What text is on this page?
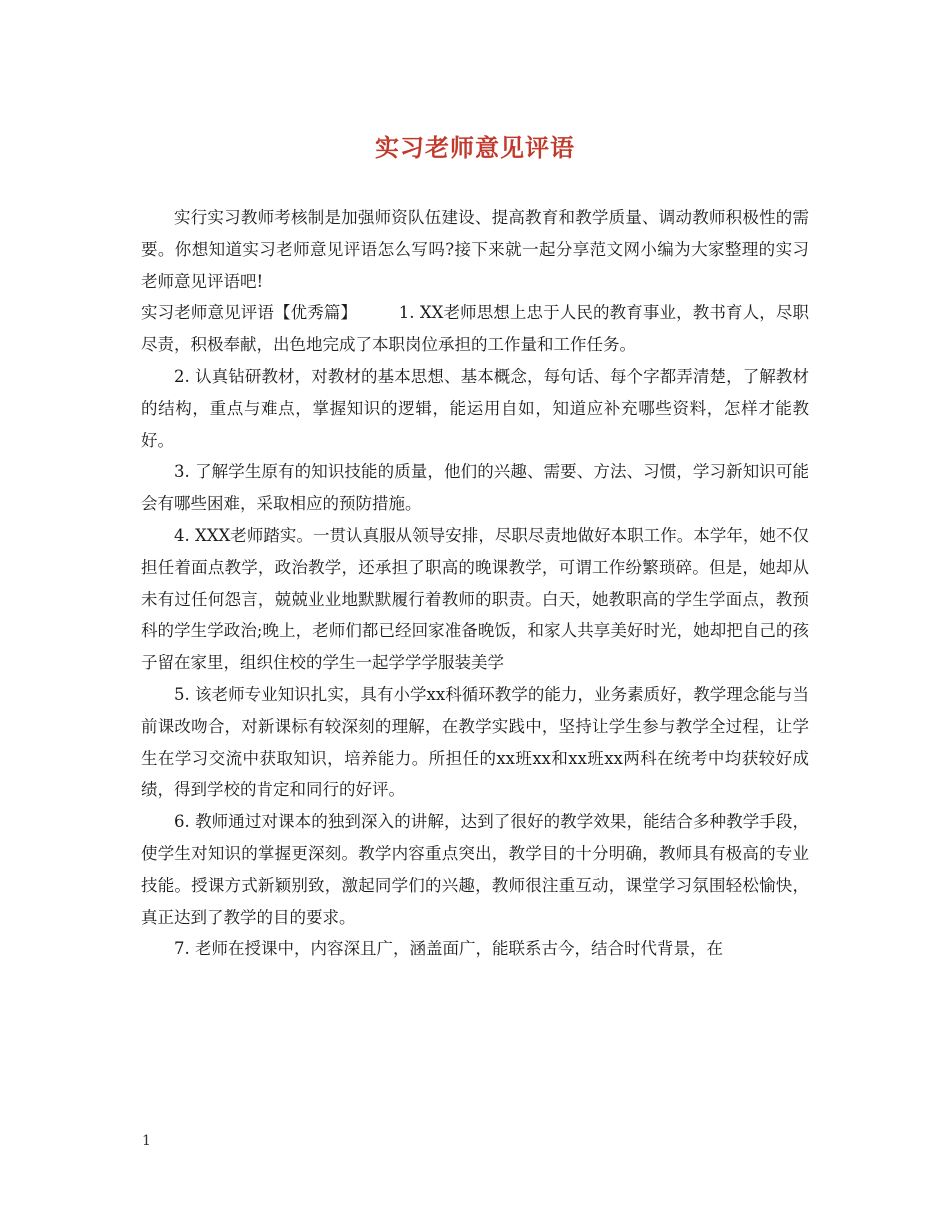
实习老师意见评语

实行实习教师考核制是加强师资队伍建设、提高教育和教学质量、调动教师积极性的需要。你想知道实习老师意见评语怎么写吗?接下来就一起分享范文网小编为大家整理的实习老师意见评语吧!

实习老师意见评语【优秀篇】　　　	1. XX老师思想上忠于人民的教育事业，教书育人，尽职尽责，积极奉献，出色地完成了本职岗位承担的工作量和工作任务。

2. 认真钻研教材，对教材的基本思想、基本概念，每句话、每个字都弄清楚，了解教材的结构，重点与难点，掌握知识的逻辑，能运用自如，知道应补充哪些资料，怎样才能教好。

3. 了解学生原有的知识技能的质量，他们的兴趣、需要、方法、习惯，学习新知识可能会有哪些困难，采取相应的预防措施。

4. XXX老师踏实。一贯认真服从领导安排，尽职尽责地做好本职工作。本学年，她不仅担任着面点教学，政治教学，还承担了职高的晚课教学，可谓工作纷繁琐碎。但是，她却从未有过任何怨言，兢兢业业地默默履行着教师的职责。白天，她教职高的学生学面点，教预科的学生学政治;晚上，老师们都已经回家准备晚饭，和家人共享美好时光，她却把自己的孩子留在家里，组织住校的学生一起学学学服装美学

5. 该老师专业知识扎实，具有小学xx科循环教学的能力，业务素质好，教学理念能与当前课改吻合，对新课标有较深刻的理解，在教学实践中，坚持让学生参与教学全过程，让学生在学习交流中获取知识，培养能力。所担任的xx班xx和xx班xx两科在统考中均获较好成绩，得到学校的肯定和同行的好评。

6. 教师通过对课本的独到深入的讲解，达到了很好的教学效果，能结合多种教学手段，使学生对知识的掌握更深刻。教学内容重点突出，教学目的十分明确，教师具有极高的专业技能。授课方式新颖别致，激起同学们的兴趣，教师很注重互动，课堂学习氛围轻松愉快，真正达到了教学的目的要求。

7. 老师在授课中，内容深且广，涵盖面广，能联系古今，结合时代背景，在

1
